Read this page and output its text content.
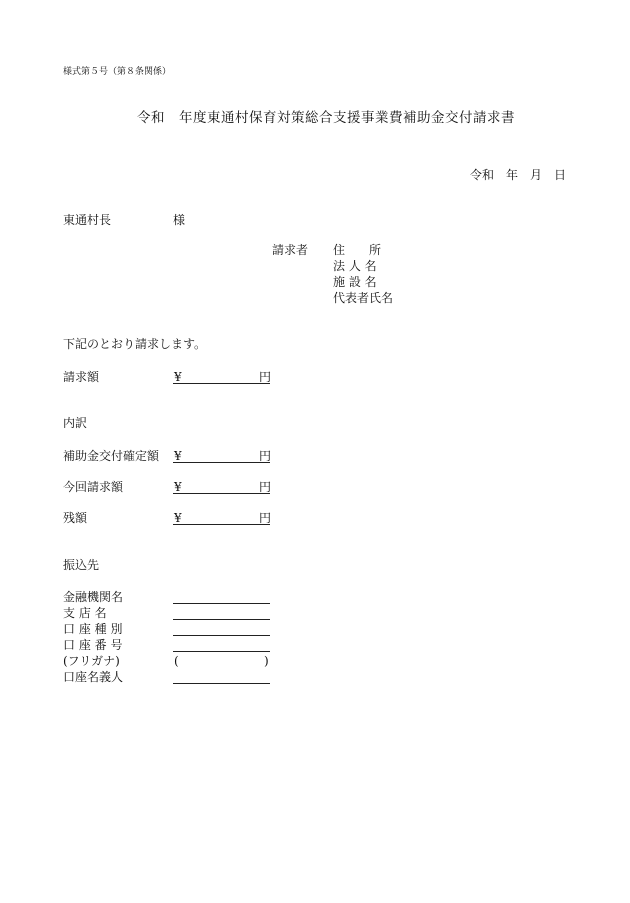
様式第５号（第８条関係）
令和　年度東通村保育対策総合支援事業費補助金交付請求書
令和　年　月　日
東通村長	様
請求者 住　　所
法 人 名
施 設 名
代表者氏名
下記のとおり請求します。
請求額	¥	円
内訳
補助金交付確定額 ¥	円
今回請求額	¥	円
残額	¥	円
振込先
金融機関名
支 店 名
口 座 種 別
口 座 番 号
(フリガナ)	(	)
口座名義人
